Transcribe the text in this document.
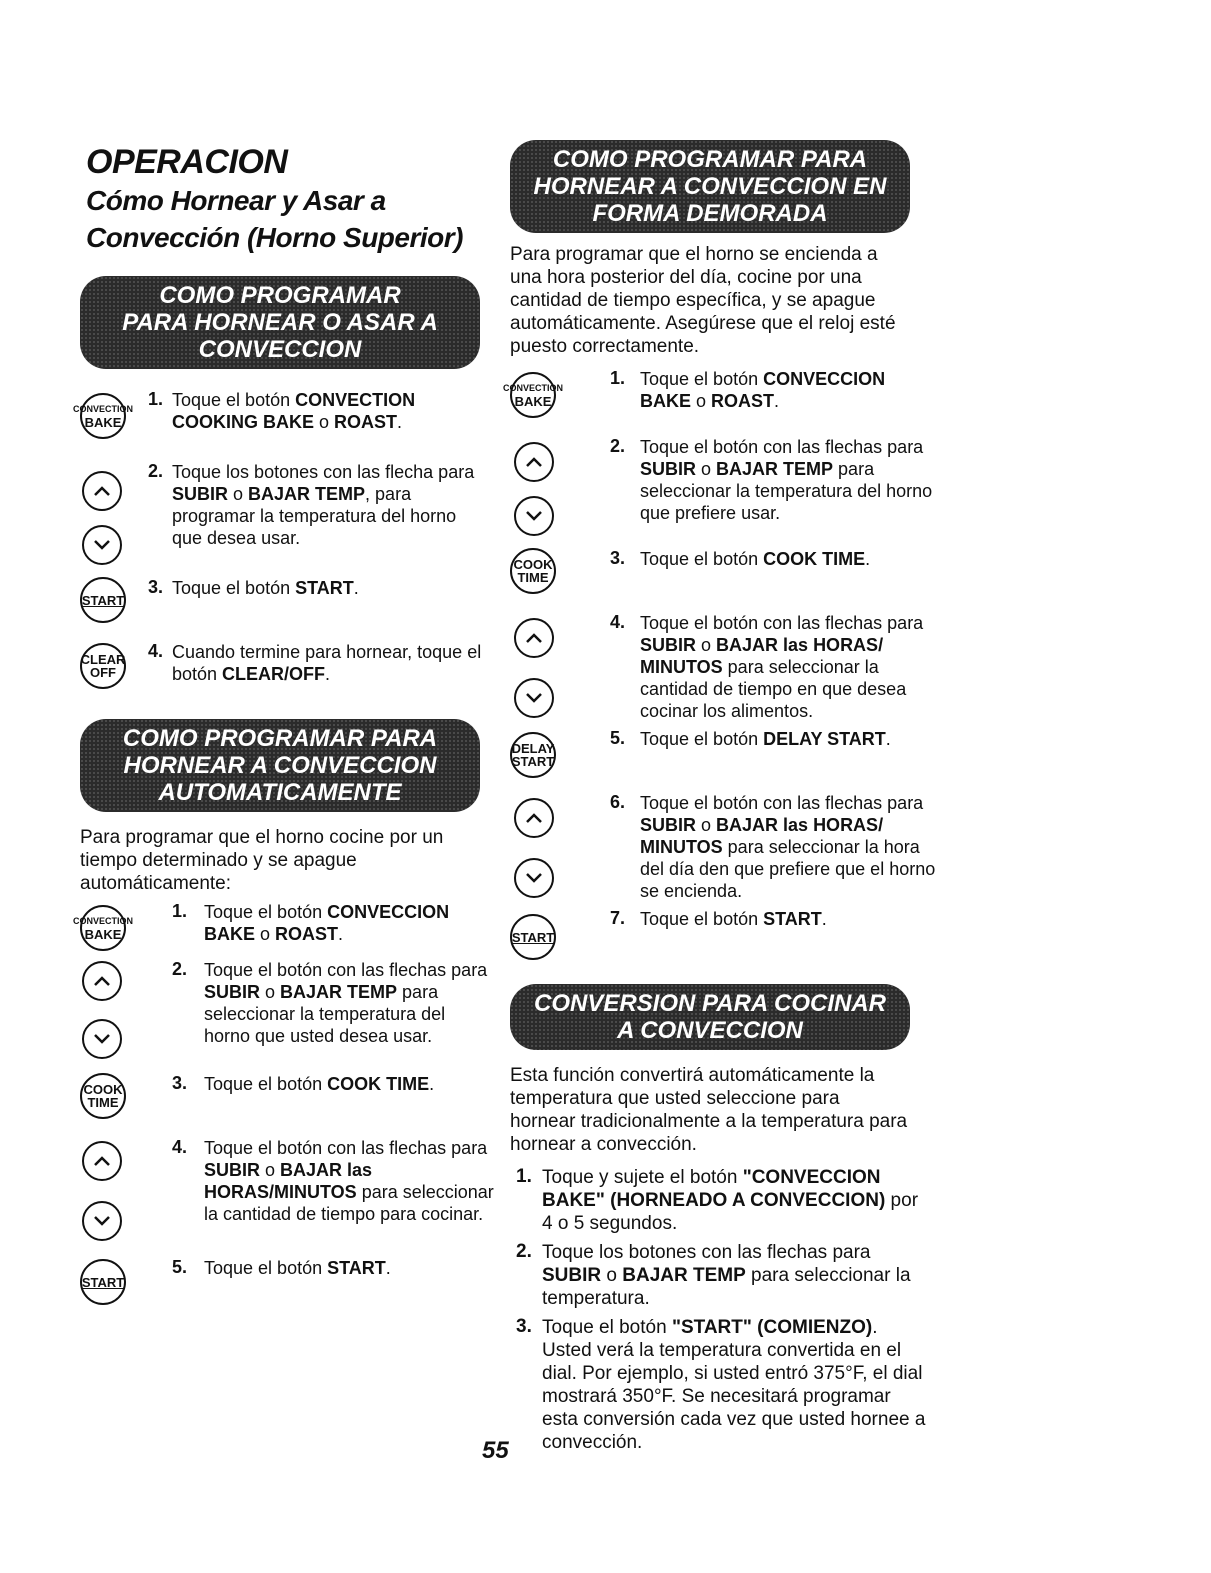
OPERACION
Cómo Hornear y Asar a
Convección (Horno Superior)
COMO PROGRAMAR
PARA HORNEAR O ASAR A
CONVECCION
CONVECTION
BAKE
1. Toque el botón CONVECTION COOKING BAKE o ROAST.
2. Toque los botones con las flecha para SUBIR o BAJAR TEMP, para programar la temperatura del horno que desea usar.
START
3. Toque el botón START.
CLEAR
OFF
4. Cuando termine para hornear, toque el botón CLEAR/OFF.
COMO PROGRAMAR PARA
HORNEAR A CONVECCION
AUTOMATICAMENTE
Para programar que el horno cocine por un tiempo determinado y se apague automáticamente:
CONVECTION
BAKE
1. Toque el botón CONVECCION BAKE o ROAST.
2. Toque el botón con las flechas para SUBIR o BAJAR TEMP para seleccionar la temperatura del horno que usted desea usar.
COOK
TIME
3. Toque el botón COOK TIME.
4. Toque el botón con las flechas para SUBIR o BAJAR las HORAS/MINUTOS para seleccionar la cantidad de tiempo para cocinar.
START
5. Toque el botón START.
COMO PROGRAMAR PARA
HORNEAR A CONVECCION EN
FORMA DEMORADA
Para programar que el horno se encienda a una hora posterior del día, cocine por una cantidad de tiempo específica, y se apague automáticamente. Asegúrese que el reloj esté puesto correctamente.
CONVECTION
BAKE
1. Toque el botón CONVECCION BAKE o ROAST.
2. Toque el botón con las flechas para SUBIR o BAJAR TEMP para seleccionar la temperatura del horno que prefiere usar.
COOK
TIME
3. Toque el botón COOK TIME.
4. Toque el botón con las flechas para SUBIR o BAJAR las HORAS/ MINUTOS para seleccionar la cantidad de tiempo en que desea cocinar los alimentos.
DELAY
START
5. Toque el botón DELAY START.
6. Toque el botón con las flechas para SUBIR o BAJAR las HORAS/ MINUTOS para seleccionar la hora del día den que prefiere que el horno se encienda.
START
7. Toque el botón START.
CONVERSION PARA COCINAR
A CONVECCION
Esta función convertirá automáticamente la temperatura que usted seleccione para hornear tradicionalmente a la temperatura para hornear a convección.
1. Toque y sujete el botón "CONVECCION BAKE" (HORNEADO A CONVECCION) por 4 o 5 segundos.
2. Toque los botones con las flechas para SUBIR o BAJAR TEMP para seleccionar la temperatura.
3. Toque el botón "START" (COMIENZO). Usted verá la temperatura convertida en el dial. Por ejemplo, si usted entró 375°F, el dial mostrará 350°F. Se necesitará programar esta conversión cada vez que usted hornee a convección.
55
